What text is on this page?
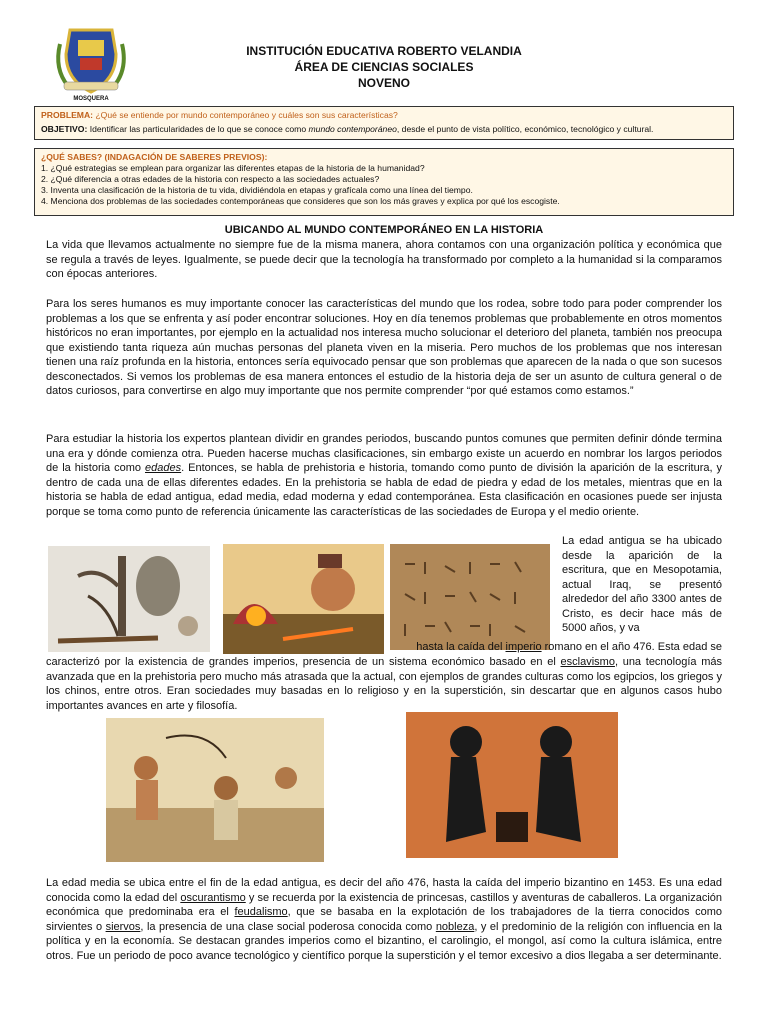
MOSQUERA
INSTITUCIÓN EDUCATIVA ROBERTO VELANDIA
ÁREA DE CIENCIAS SOCIALES
NOVENO
PROBLEMA: ¿Qué se entiende por mundo contemporáneo y cuáles son sus características?
OBJETIVO: Identificar las particularidades de lo que se conoce como mundo contemporáneo, desde el punto de vista político, económico, tecnológico y cultural.
¿QUÉ SABES? (INDAGACIÓN DE SABERES PREVIOS):
1. ¿Qué estrategias se emplean para organizar las diferentes etapas de la historia de la humanidad?
2. ¿Qué diferencia a otras edades de la historia con respecto a las sociedades actuales?
3. Inventa una clasificación de la historia de tu vida, dividiéndola en etapas y grafícala como una línea del tiempo.
4. Menciona dos problemas de las sociedades contemporáneas que consideres que son los más graves y explica por qué los escogiste.
UBICANDO AL MUNDO CONTEMPORÁNEO EN LA HISTORIA
La vida que llevamos actualmente no siempre fue de la misma manera, ahora contamos con una organización política y económica que se regula a través de leyes. Igualmente, se puede decir que la tecnología ha transformado por completo a la humanidad si la comparamos con épocas anteriores.
Para los seres humanos es muy importante conocer las características del mundo que los rodea, sobre todo para poder comprender los problemas a los que se enfrenta y así poder encontrar soluciones. Hoy en día tenemos problemas que probablemente en otros momentos históricos no eran importantes, por ejemplo en la actualidad nos interesa mucho solucionar el deterioro del planeta, también nos preocupa que existiendo tanta riqueza aún muchas personas del planeta viven en la miseria. Pero muchos de los problemas que nos interesan tienen una raíz profunda en la historia, entonces sería equivocado pensar que son problemas que aparecen de la nada o que son sucesos desconectados. Si vemos los problemas de esa manera entonces el estudio de la historia deja de ser un asunto de cultura general o de datos curiosos, para convertirse en algo muy importante que nos permite comprender “por qué estamos como estamos.”
Para estudiar la historia los expertos plantean dividir en grandes periodos, buscando puntos comunes que permiten definir dónde termina una era y dónde comienza otra. Pueden hacerse muchas clasificaciones, sin embargo existe un acuerdo en nombrar los largos periodos de la historia como edades. Entonces, se habla de prehistoria e historia, tomando como punto de división la aparición de la escritura, y dentro de cada una de ellas diferentes edades. En la prehistoria se habla de edad de piedra y edad de los metales, mientras que en la historia se habla de edad antigua, edad media, edad moderna y edad contemporánea. Esta clasificación en ocasiones puede ser injusta porque se toma como punto de referencia únicamente las características de las sociedades de Europa y el medio oriente.
La edad antigua se ha ubicado desde la aparición de la escritura, que en Mesopotamia, actual Iraq, se presentó alrededor del año 3300 antes de Cristo, es decir hace más de 5000 años, y va
hasta la caída del imperio romano en el año 476. Esta edad se
caracterizó por la existencia de grandes imperios, presencia de un sistema económico basado en el esclavismo, una tecnología más avanzada que en la prehistoria pero mucho más atrasada que la actual, con ejemplos de grandes culturas como los egipcios, los griegos y los chinos, entre otros. Eran sociedades muy basadas en lo religioso y en la superstición, sin descartar que en algunos casos hubo importantes avances en arte y filosofía.
La edad media se ubica entre el fin de la edad antigua, es decir del año 476, hasta la caída del imperio bizantino en 1453. Es una edad conocida como la edad del oscurantismo y se recuerda por la existencia de princesas, castillos y aventuras de caballeros. La organización económica que predominaba era el feudalismo, que se basaba en la explotación de los trabajadores de la tierra conocidos como sirvientes o siervos, la presencia de una clase social poderosa conocida como nobleza, y el predominio de la religión con influencia en la política y en la economía. Se destacan grandes imperios como el bizantino, el carolingio, el mongol, así como la cultura islámica, entre otros. Fue un periodo de poco avance tecnológico y científico porque la superstición y el temor excesivo a dios llegaba a ser determinante.
